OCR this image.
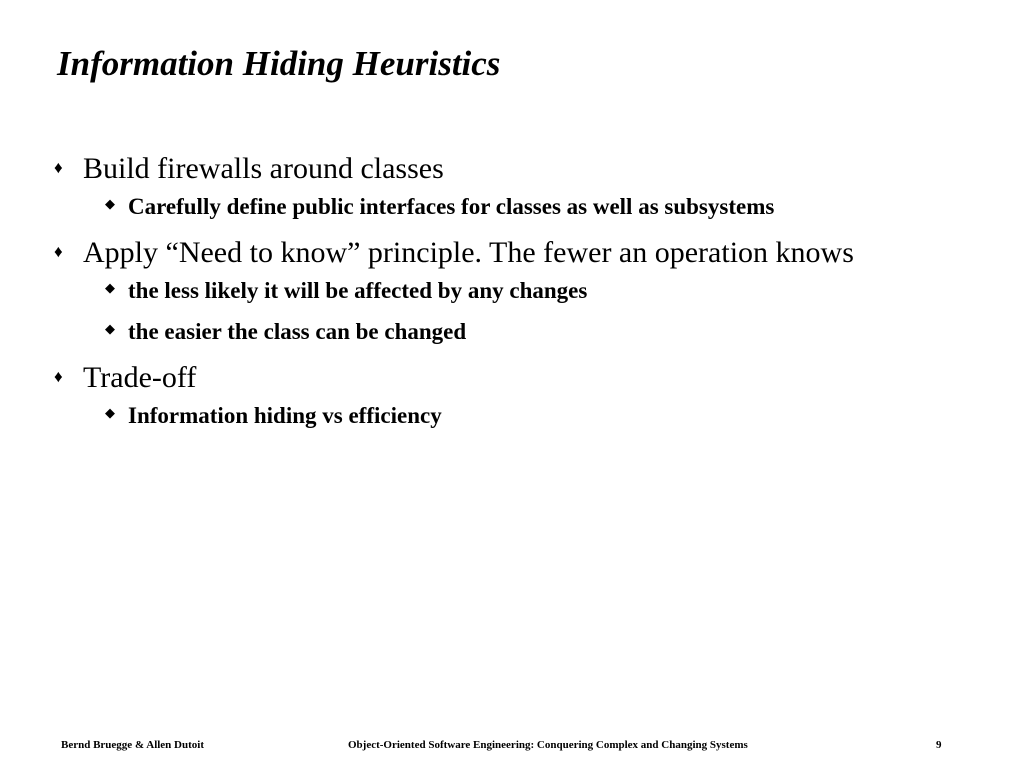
Information Hiding Heuristics
♦ Build firewalls around classes
◆ Carefully define public interfaces for classes as well as subsystems
♦ Apply “Need to know” principle. The fewer an operation knows
◆ the less likely it will be affected by any changes
◆ the easier the class can be changed
♦ Trade-off
◆ Information hiding vs efficiency
Bernd Bruegge & Allen Dutoit	Object-Oriented Software Engineering: Conquering Complex and Changing Systems	9
